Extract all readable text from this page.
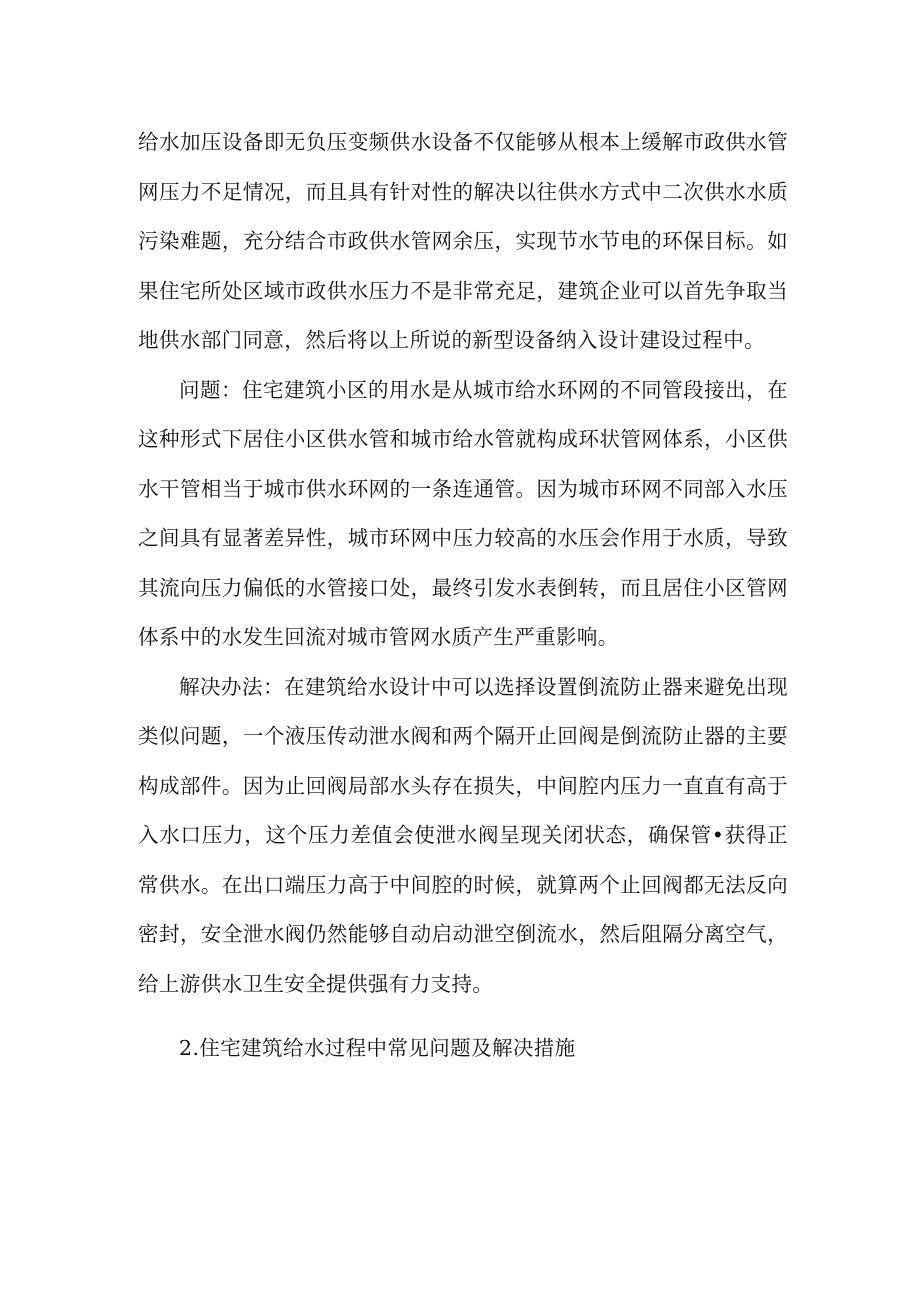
给水加压设备即无负压变频供水设备不仅能够从根本上缓解市政供水管网压力不足情况，而且具有针对性的解决以往供水方式中二次供水水质污染难题，充分结合市政供水管网余压，实现节水节电的环保目标。如果住宅所处区域市政供水压力不是非常充足，建筑企业可以首先争取当地供水部门同意，然后将以上所说的新型设备纳入设计建设过程中。

问题：住宅建筑小区的用水是从城市给水环网的不同管段接出，在这种形式下居住小区供水管和城市给水管就构成环状管网体系，小区供水干管相当于城市供水环网的一条连通管。因为城市环网不同部入水压之间具有显著差异性，城市环网中压力较高的水压会作用于水质，导致其流向压力偏低的水管接口处，最终引发水表倒转，而且居住小区管网体系中的水发生回流对城市管网水质产生严重影响。

解决办法：在建筑给水设计中可以选择设置倒流防止器来避免出现类似问题，一个液压传动泄水阀和两个隔开止回阀是倒流防止器的主要构成部件。因为止回阀局部水头存在损失，中间腔内压力一直直有高于入水口压力，这个压力差值会使泄水阀呈现关闭状态，确保管•获得正常供水。在出口端压力高于中间腔的时候，就算两个止回阀都无法反向密封，安全泄水阀仍然能够自动启动泄空倒流水，然后阻隔分离空气，给上游供水卫生安全提供强有力支持。

2.住宅建筑给水过程中常见问题及解决措施
